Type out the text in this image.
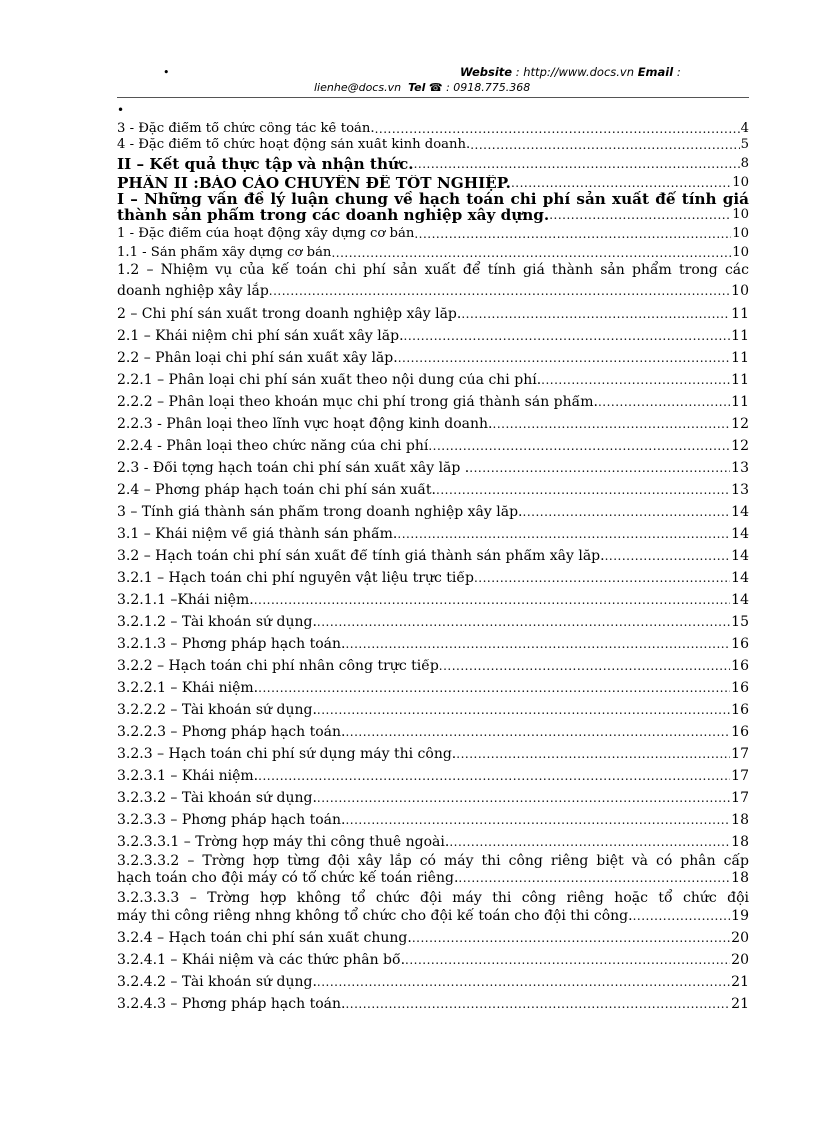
•	Website : http://www.docs.vn Email :
lienhe@docs.vn Tel ☎ : 0918.775.368
•
3 - Đặc điểm tổ chức công tác kế toán. .....	4
4 - Đặc điểm tổ chức hoạt động sản xuất kinh doanh. .....	5
II – Kết quả thực tập và nhận thức. .....	8
PHẦN II :BÁO CÁO CHUYÊN ĐỀ TỐT NGHIỆP. .....	10
I – Những vấn đề lý luận chung về hạch toán chi phí sản xuất để tính giá
thành sản phẩm trong các doanh nghiệp xây dựng. .....	10
1 - Đặc điểm của hoạt động xây dựng cơ bản .....	10
1.1 - Sản phẩm xây dựng cơ bản .....	10
1.2 – Nhiệm vụ của kế toán chi phí sản xuất để tính giá thành sản phẩm trong các
doanh nghiệp xây lắp .....	10
2 – Chi phí sản xuất trong doanh nghiệp xây lắp. .....	11
2.1 – Khái niệm chi phí sản xuất xây lắp. .....	11
2.2 – Phân loại chi phí sản xuất xây lắp. .....	11
2.2.1 – Phân loại chi phí sản xuất theo nội dung của chi phí. .....	11
2.2.2 – Phân loại theo khoản mục chi phí trong giá thành sản phẩm. .....	11
2.2.3 - Phân loại theo lĩnh vực hoạt động kinh doanh. .....	12
2.2.4 - Phân loại theo chức năng của chi phí .....	12
2.3 - Đối tợng hạch toán chi phí sản xuất xây lắp . .....	13
2.4 – Phơng pháp hạch toán chi phí sản xuất. .....	13
3 – Tính giá thành sản phẩm trong doanh nghiệp xây lắp. .....	14
3.1 – Khái niệm về giá thành sản phẩm. .....	14
3.2 – Hạch toán chi phí sản xuất để tính giá thành sản phẩm xây lắp. .....	14
3.2.1 – Hạch toán chi phí nguyên vật liệu trực tiếp .....	14
3.2.1.1 –Khái niệm. .....	14
3.2.1.2 – Tài khoản sử dụng. .....	15
3.2.1.3 – Phơng pháp hạch toán. .....	16
3.2.2 – Hạch toán chi phí nhân công trực tiếp .....	16
3.2.2.1 – Khái niệm. .....	16
3.2.2.2 – Tài khoản sử dụng. .....	16
3.2.2.3 – Phơng pháp hạch toán. .....	16
3.2.3 – Hạch toán chi phí sử dụng máy thi công. .....	17
3.2.3.1 – Khái niệm. .....	17
3.2.3.2 – Tài khoản sử dụng. .....	17
3.2.3.3 – Phơng pháp hạch toán. .....	18
3.2.3.3.1 – Trờng hợp máy thi công thuê ngoài. .....	18
3.2.3.3.2 – Trờng hợp từng đội xây lắp có máy thi công riêng biệt và có phân cấp
hạch toán cho đội máy có tổ chức kế toán riêng. .....	18
3.2.3.3.3 – Trờng hợp không tổ chức đội máy thi công riêng hoặc tổ chức đội
máy thi công riêng nhng không tổ chức cho đội kế toán cho đội thi công. .....	19
3.2.4 – Hạch toán chi phí sản xuất chung. .....	20
3.2.4.1 – Khái niệm và các thức phân bổ. .....	20
3.2.4.2 – Tài khoản sử dụng. .....	21
3.2.4.3 – Phơng pháp hạch toán. .....	21
